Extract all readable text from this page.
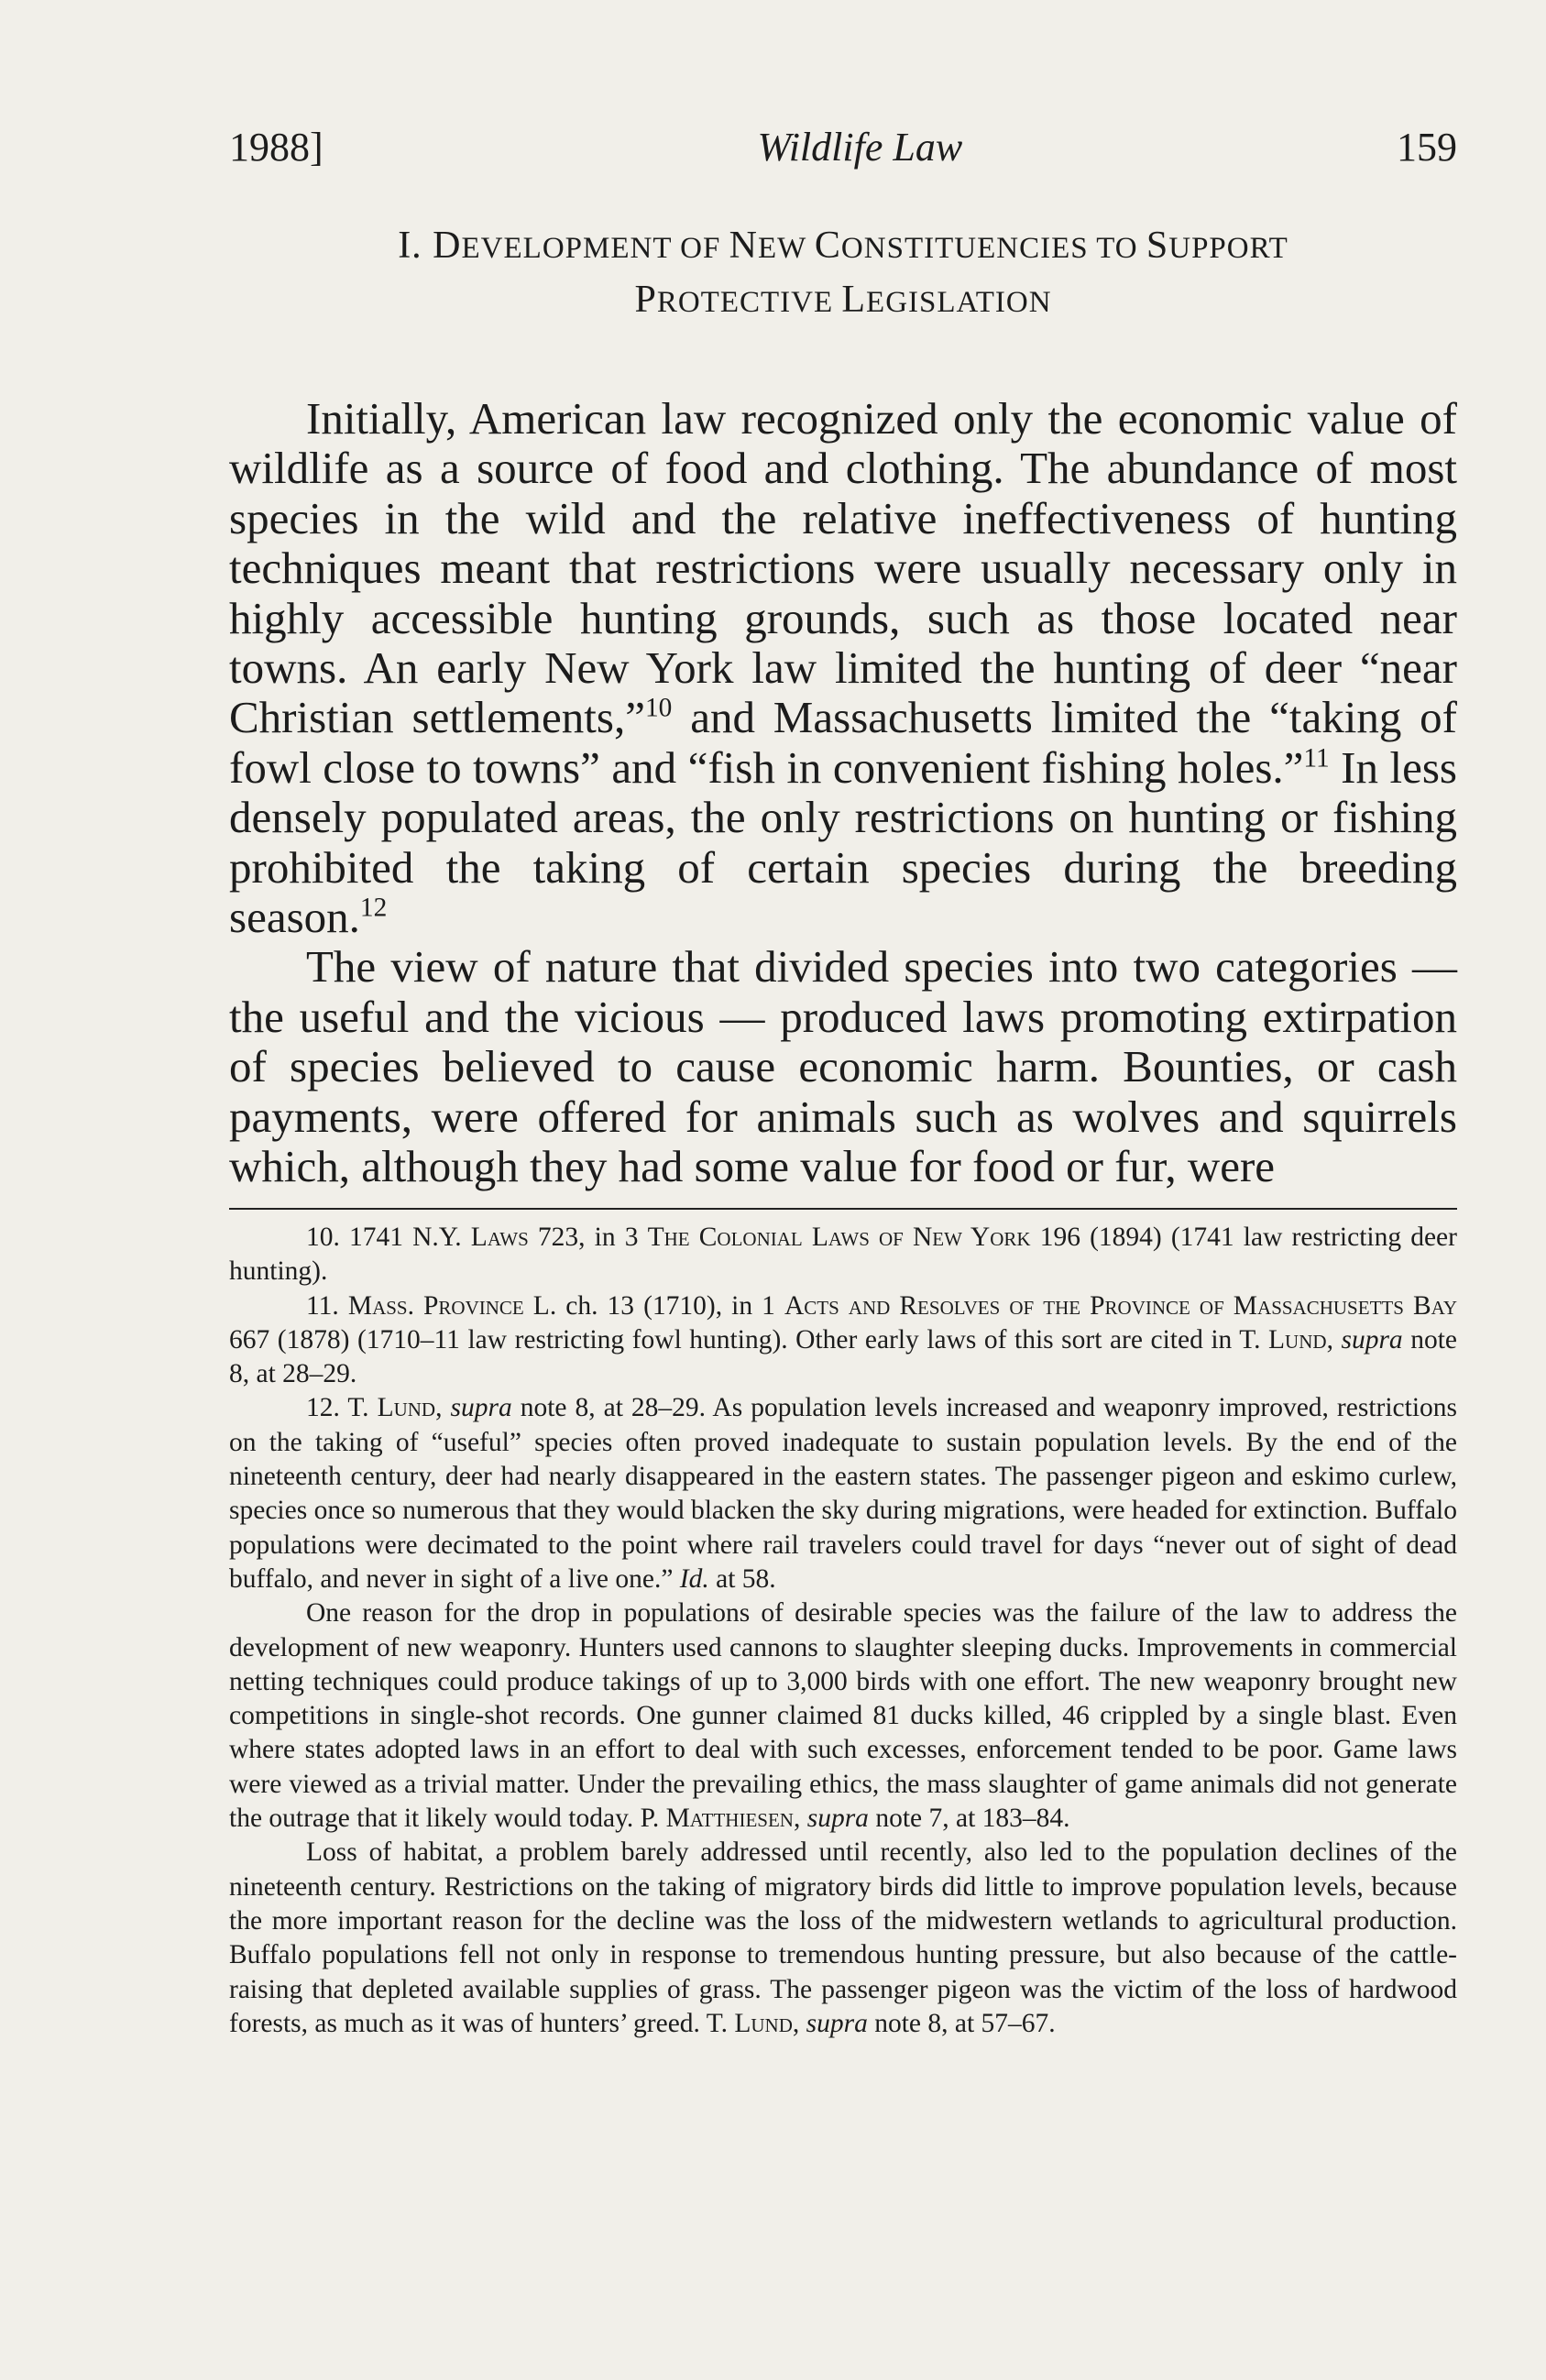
1988]	Wildlife Law	159
I. DEVELOPMENT OF NEW CONSTITUENCIES TO SUPPORT
PROTECTIVE LEGISLATION

Initially, American law recognized only the economic value of wildlife as a source of food and clothing. The abundance of most species in the wild and the relative ineffectiveness of hunting techniques meant that restrictions were usually necessary only in highly accessible hunting grounds, such as those located near towns. An early New York law limited the hunting of deer “near Christian settlements,”$^{10}$ and Massachusetts limited the “taking of fowl close to towns” and “fish in convenient fishing holes.”$^{11}$ In less densely populated areas, the only restrictions on hunting or fishing prohibited the taking of certain species during the breeding season.$^{12}$

The view of nature that divided species into two categories — the useful and the vicious — produced laws promoting extirpation of species believed to cause economic harm. Bounties, or cash payments, were offered for animals such as wolves and squirrels which, although they had some value for food or fur, were

10. 1741 N.Y. Laws 723, in 3 The Colonial Laws of New York 196 (1894) (1741 law restricting deer hunting).

11. Mass. Province L. ch. 13 (1710), in 1 Acts and Resolves of the Province of Massachusetts Bay 667 (1878) (1710–11 law restricting fowl hunting). Other early laws of this sort are cited in T. Lund, supra note 8, at 28–29.

12. T. Lund, supra note 8, at 28–29. As population levels increased and weaponry improved, restrictions on the taking of “useful” species often proved inadequate to sustain population levels. By the end of the nineteenth century, deer had nearly disappeared in the eastern states. The passenger pigeon and eskimo curlew, species once so numerous that they would blacken the sky during migrations, were headed for extinction. Buffalo populations were decimated to the point where rail travelers could travel for days “never out of sight of dead buffalo, and never in sight of a live one.” Id. at 58.

One reason for the drop in populations of desirable species was the failure of the law to address the development of new weaponry. Hunters used cannons to slaughter sleeping ducks. Improvements in commercial netting techniques could produce takings of up to 3,000 birds with one effort. The new weaponry brought new competitions in single-shot records. One gunner claimed 81 ducks killed, 46 crippled by a single blast. Even where states adopted laws in an effort to deal with such excesses, enforcement tended to be poor. Game laws were viewed as a trivial matter. Under the prevailing ethics, the mass slaughter of game animals did not generate the outrage that it likely would today. P. Matthiesen, supra note 7, at 183–84.

Loss of habitat, a problem barely addressed until recently, also led to the population declines of the nineteenth century. Restrictions on the taking of migratory birds did little to improve population levels, because the more important reason for the decline was the loss of the midwestern wetlands to agricultural production. Buffalo populations fell not only in response to tremendous hunting pressure, but also because of the cattle-raising that depleted available supplies of grass. The passenger pigeon was the victim of the loss of hardwood forests, as much as it was of hunters’ greed. T. Lund, supra note 8, at 57–67.
